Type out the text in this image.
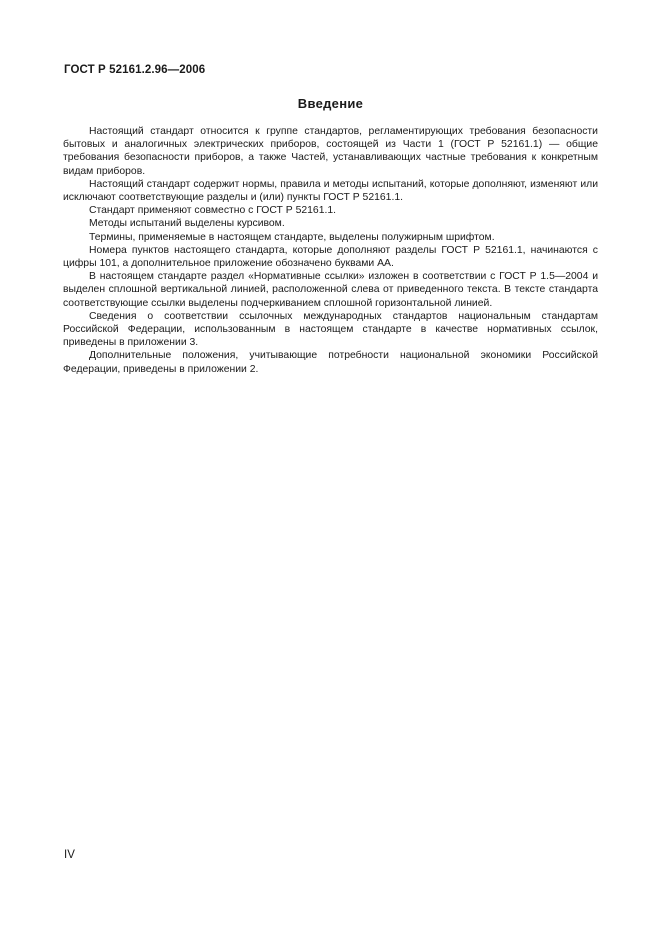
ГОСТ Р 52161.2.96—2006
Введение

Настоящий стандарт относится к группе стандартов, регламентирующих требования безопасности бытовых и аналогичных электрических приборов, состоящей из Части 1 (ГОСТ Р 52161.1) — общие требования безопасности приборов, а также Частей, устанавливающих частные требования к конкретным видам приборов.

Настоящий стандарт содержит нормы, правила и методы испытаний, которые дополняют, изменяют или исключают соответствующие разделы и (или) пункты ГОСТ Р 52161.1.

Стандарт применяют совместно с ГОСТ Р 52161.1.

Методы испытаний выделены курсивом.

Термины, применяемые в настоящем стандарте, выделены полужирным шрифтом.

Номера пунктов настоящего стандарта, которые дополняют разделы ГОСТ Р 52161.1, начинаются с цифры 101, а дополнительное приложение обозначено буквами АА.

В настоящем стандарте раздел «Нормативные ссылки» изложен в соответствии с ГОСТ Р 1.5—2004 и выделен сплошной вертикальной линией, расположенной слева от приведенного текста. В тексте стандарта соответствующие ссылки выделены подчеркиванием сплошной горизонтальной линией.

Сведения о соответствии ссылочных международных стандартов национальным стандартам Российской Федерации, использованным в настоящем стандарте в качестве нормативных ссылок, приведены в приложении 3.

Дополнительные положения, учитывающие потребности национальной экономики Российской Федерации, приведены в приложении 2.

IV
